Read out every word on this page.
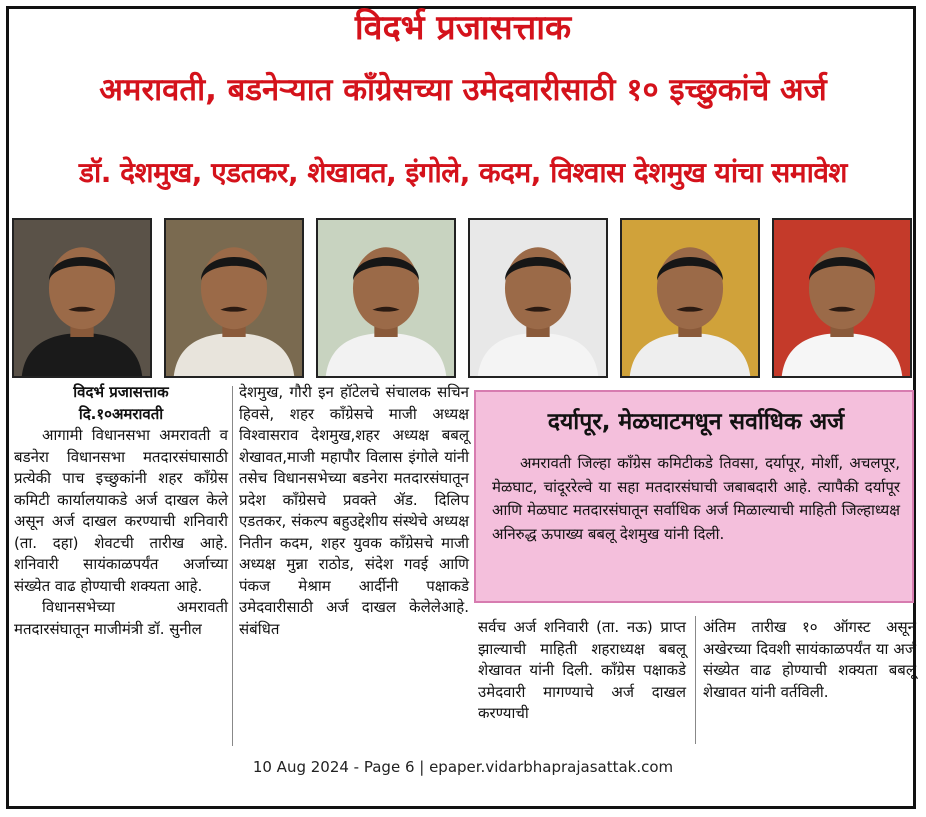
विदर्भ प्रजासत्ताक
अमरावती, बडनेऱ्यात काँग्रेसच्या उमेदवारीसाठी १० इच्छुकांचे अर्ज
डॉ. देशमुख, एडतकर, शेखावत, इंगोले, कदम, विश्वास देशमुख यांचा समावेश

विदर्भ प्रजासत्ताक

दि.१०अमरावती

आगामी विधानसभा अमरावती व बडनेरा विधानसभा मतदारसंघासाठी प्रत्येकी पाच इच्छुकांनी शहर काँग्रेस कमिटी कार्यालयाकडे अर्ज दाखल केले असून अर्ज दाखल करण्याची शनिवारी (ता. दहा) शेवटची तारीख आहे. शनिवारी सायंकाळपर्यंत अर्जाच्या संख्येत वाढ होण्याची शक्यता आहे.

विधानसभेच्या अमरावती मतदारसंघातून माजीमंत्री डॉ. सुनील

देशमुख, गौरी इन हॉटेलचे संचालक सचिन हिवसे, शहर काँग्रेसचे माजी अध्यक्ष विश्वासराव देशमुख,शहर अध्यक्ष बबलू शेखावत,माजी महापौर विलास इंगोले यांनी तसेच विधानसभेच्या बडनेरा मतदारसंघातून प्रदेश काँग्रेसचे प्रवक्ते ॲड. दिलिप एडतकर, संकल्प बहुउद्देशीय संस्थेचे अध्यक्ष नितीन कदम, शहर युवक काँग्रेसचे माजी अध्यक्ष मुन्ना राठोड, संदेश गवई आणि पंकज मेश्राम आर्दीनी पक्षाकडे उमेदवारीसाठी अर्ज दाखल केलेलेआहे. संबंधित

दर्यापूर, मेळघाटमधून सर्वाधिक अर्ज
अमरावती जिल्हा काँग्रेस कमिटीकडे तिवसा, दर्यापूर, मोर्शी, अचलपूर, मेळघाट, चांदूररेल्वे या सहा मतदारसंघाची जबाबदारी आहे. त्यापैकी दर्यापूर आणि मेळघाट मतदारसंघातून सर्वाधिक अर्ज मिळाल्याची माहिती जिल्हाध्यक्ष अनिरुद्ध ऊपाख्य बबलू देशमुख यांनी दिली.

सर्वच अर्ज शनिवारी (ता. नऊ) प्राप्त झाल्याची माहिती शहराध्यक्ष बबलू शेखावत यांनी दिली. काँग्रेस पक्षाकडे उमेदवारी मागण्याचे अर्ज दाखल करण्याची

अंतिम तारीख १० ऑगस्ट असून अखेरच्या दिवशी सायंकाळपर्यंत या अर्ज संख्येत वाढ होण्याची शक्यता बबलू शेखावत यांनी वर्तविली.

10 Aug 2024 - Page 6 | epaper.vidarbhaprajasattak.com
